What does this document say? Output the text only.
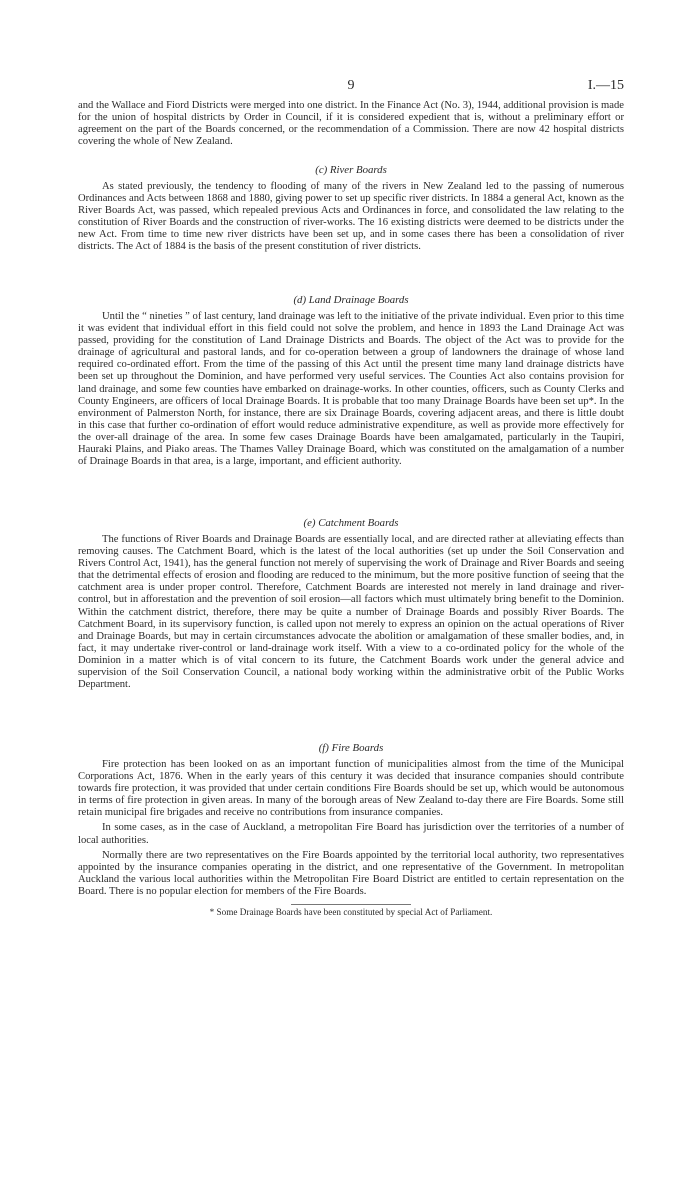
9	I.—15

and the Wallace and Fiord Districts were merged into one district. In the Finance Act (No. 3), 1944, additional provision is made for the union of hospital districts by Order in Council, if it is considered expedient that is, without a preliminary effort or agreement on the part of the Boards concerned, or the recommendation of a Commission. There are now 42 hospital districts covering the whole of New Zealand.

(c) River Boards

As stated previously, the tendency to flooding of many of the rivers in New Zealand led to the passing of numerous Ordinances and Acts between 1868 and 1880, giving power to set up specific river districts. In 1884 a general Act, known as the River Boards Act, was passed, which repealed previous Acts and Ordinances in force, and consolidated the law relating to the constitution of River Boards and the construction of river-works. The 16 existing districts were deemed to be districts under the new Act. From time to time new river districts have been set up, and in some cases there has been a consolidation of river districts. The Act of 1884 is the basis of the present constitution of river districts.

(d) Land Drainage Boards

Until the “ nineties ” of last century, land drainage was left to the initiative of the private individual. Even prior to this time it was evident that individual effort in this field could not solve the problem, and hence in 1893 the Land Drainage Act was passed, providing for the constitution of Land Drainage Districts and Boards. The object of the Act was to provide for the drainage of agricultural and pastoral lands, and for co-operation between a group of landowners the drainage of whose land required co-ordinated effort. From the time of the passing of this Act until the present time many land drainage districts have been set up throughout the Dominion, and have performed very useful services. The Counties Act also contains provision for land drainage, and some few counties have embarked on drainage-works. In other counties, officers, such as County Clerks and County Engineers, are officers of local Drainage Boards. It is probable that too many Drainage Boards have been set up*. In the environment of Palmerston North, for instance, there are six Drainage Boards, covering adjacent areas, and there is little doubt in this case that further co-ordination of effort would reduce administrative expenditure, as well as provide more effectively for the over-all drainage of the area. In some few cases Drainage Boards have been amalgamated, particularly in the Taupiri, Hauraki Plains, and Piako areas. The Thames Valley Drainage Board, which was constituted on the amalgamation of a number of Drainage Boards in that area, is a large, important, and efficient authority.

(e) Catchment Boards

The functions of River Boards and Drainage Boards are essentially local, and are directed rather at alleviating effects than removing causes. The Catchment Board, which is the latest of the local authorities (set up under the Soil Conservation and Rivers Control Act, 1941), has the general function not merely of supervising the work of Drainage and River Boards and seeing that the detrimental effects of erosion and flooding are reduced to the minimum, but the more positive function of seeing that the catchment area is under proper control. Therefore, Catchment Boards are interested not merely in land drainage and river-control, but in afforestation and the prevention of soil erosion—all factors which must ultimately bring benefit to the Dominion. Within the catchment district, therefore, there may be quite a number of Drainage Boards and possibly River Boards. The Catchment Board, in its supervisory function, is called upon not merely to express an opinion on the actual operations of River and Drainage Boards, but may in certain circumstances advocate the abolition or amalgamation of these smaller bodies, and, in fact, it may undertake river-control or land-drainage work itself. With a view to a co-ordinated policy for the whole of the Dominion in a matter which is of vital concern to its future, the Catchment Boards work under the general advice and supervision of the Soil Conservation Council, a national body working within the administrative orbit of the Public Works Department.

(f) Fire Boards

Fire protection has been looked on as an important function of municipalities almost from the time of the Municipal Corporations Act, 1876. When in the early years of this century it was decided that insurance companies should contribute towards fire protection, it was provided that under certain conditions Fire Boards should be set up, which would be autonomous in terms of fire protection in given areas. In many of the borough areas of New Zealand to-day there are Fire Boards. Some still retain municipal fire brigades and receive no contributions from insurance companies.

In some cases, as in the case of Auckland, a metropolitan Fire Board has jurisdiction over the territories of a number of local authorities.

Normally there are two representatives on the Fire Boards appointed by the territorial local authority, two representatives appointed by the insurance companies operating in the district, and one representative of the Government. In metropolitan Auckland the various local authorities within the Metropolitan Fire Board District are entitled to certain representation on the Board. There is no popular election for members of the Fire Boards.

* Some Drainage Boards have been constituted by special Act of Parliament.
